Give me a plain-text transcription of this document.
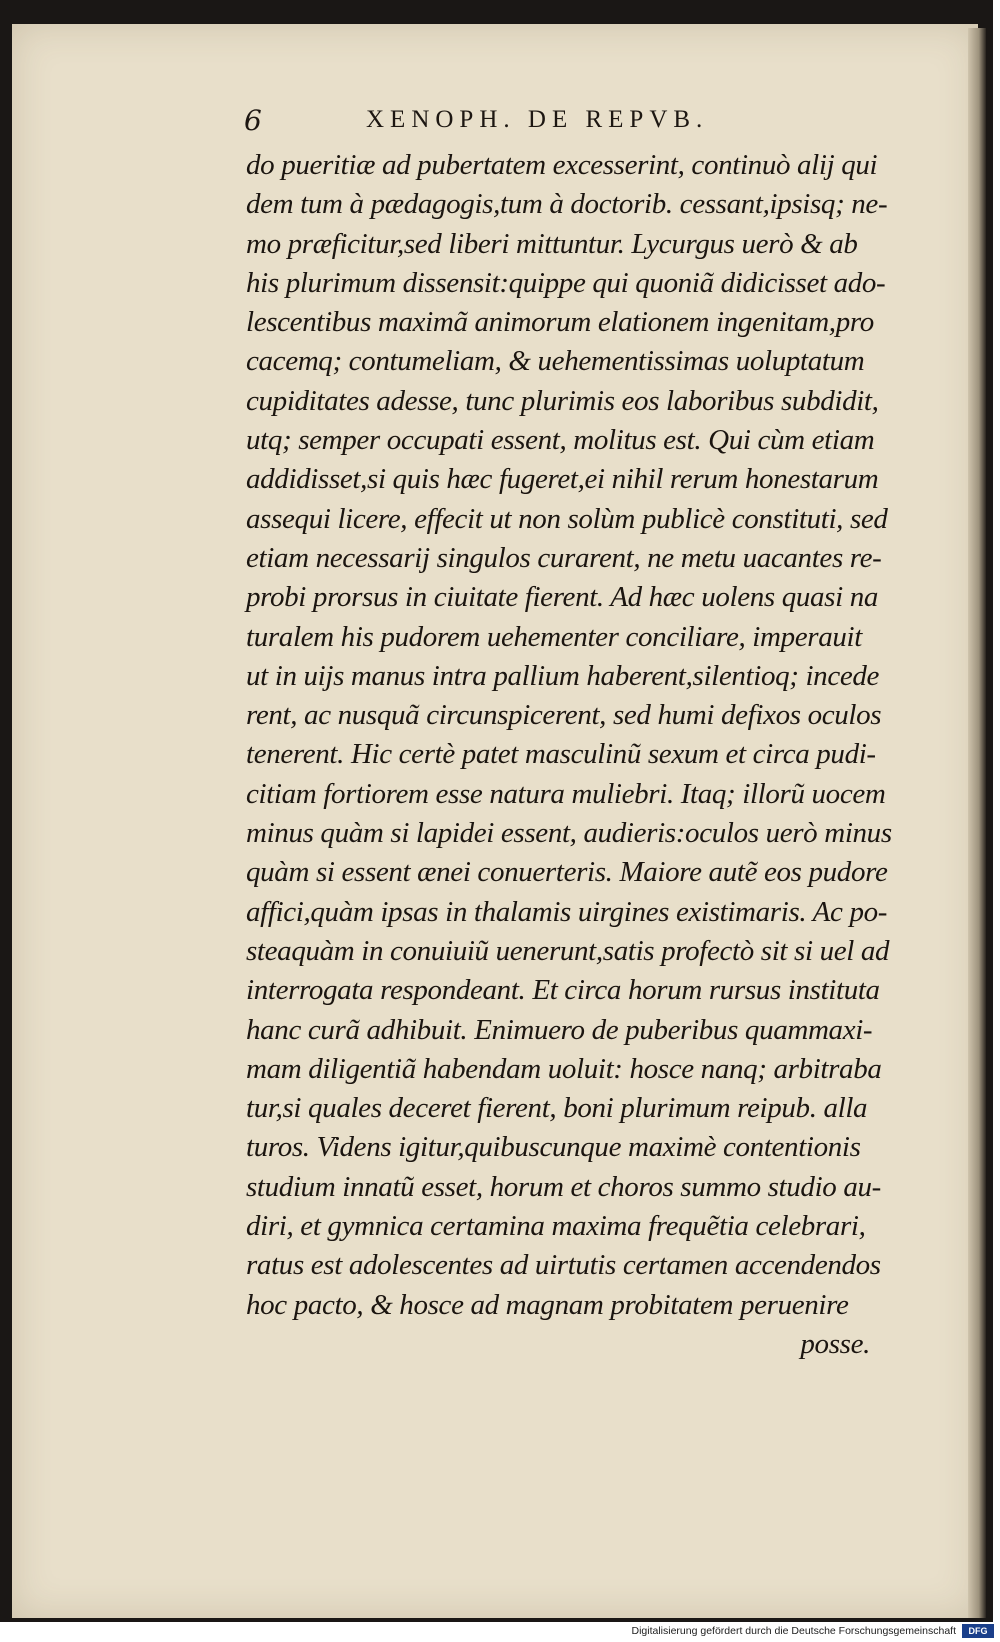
6	XENOPH. DE REPVB.
do pueritiæ ad pubertatem excesserint, continuò alij qui
dem tum à pædagogis,tum à doctorib. cessant,ipsisq; ne-
mo præficitur,sed liberi mittuntur. Lycurgus uerò & ab
his plurimum dissensit:quippe qui quoniã didicisset ado-
lescentibus maximã animorum elationem ingenitam,pro
cacemq; contumeliam, & uehementissimas uoluptatum
cupiditates adesse, tunc plurimis eos laboribus subdidit,
utq; semper occupati essent, molitus est. Qui cùm etiam
addidisset,si quis hæc fugeret,ei nihil rerum honestarum
assequi licere, effecit ut non solùm publicè constituti, sed
etiam necessarij singulos curarent, ne metu uacantes re-
probi prorsus in ciuitate fierent. Ad hæc uolens quasi na
turalem his pudorem uehementer conciliare, imperauit
ut in uijs manus intra pallium haberent,silentioq; incede
rent, ac nusquã circunspicerent, sed humi defixos oculos
tenerent. Hic certè patet masculinũ sexum et circa pudi-
citiam fortiorem esse natura muliebri. Itaq; illorũ uocem
minus quàm si lapidei essent, audieris:oculos uerò minus
quàm si essent ænei conuerteris. Maiore autẽ eos pudore
affici,quàm ipsas in thalamis uirgines existimaris. Ac po-
steaquàm in conuiuiũ uenerunt,satis profectò sit si uel ad
interrogata respondeant. Et circa horum rursus instituta
hanc curã adhibuit. Enimuero de puberibus quammaxi-
mam diligentiã habendam uoluit: hosce nanq; arbitraba
tur,si quales deceret fierent, boni plurimum reipub. alla
turos. Videns igitur,quibuscunque maximè contentionis
studium innatũ esset, horum et choros summo studio au-
diri, et gymnica certamina maxima frequẽtia celebrari,
ratus est adolescentes ad uirtutis certamen accendendos
hoc pacto, & hosce ad magnam probitatem peruenire
posse.
Digitalisierung gefördert durch die Deutsche Forschungsgemeinschaft	DFG
